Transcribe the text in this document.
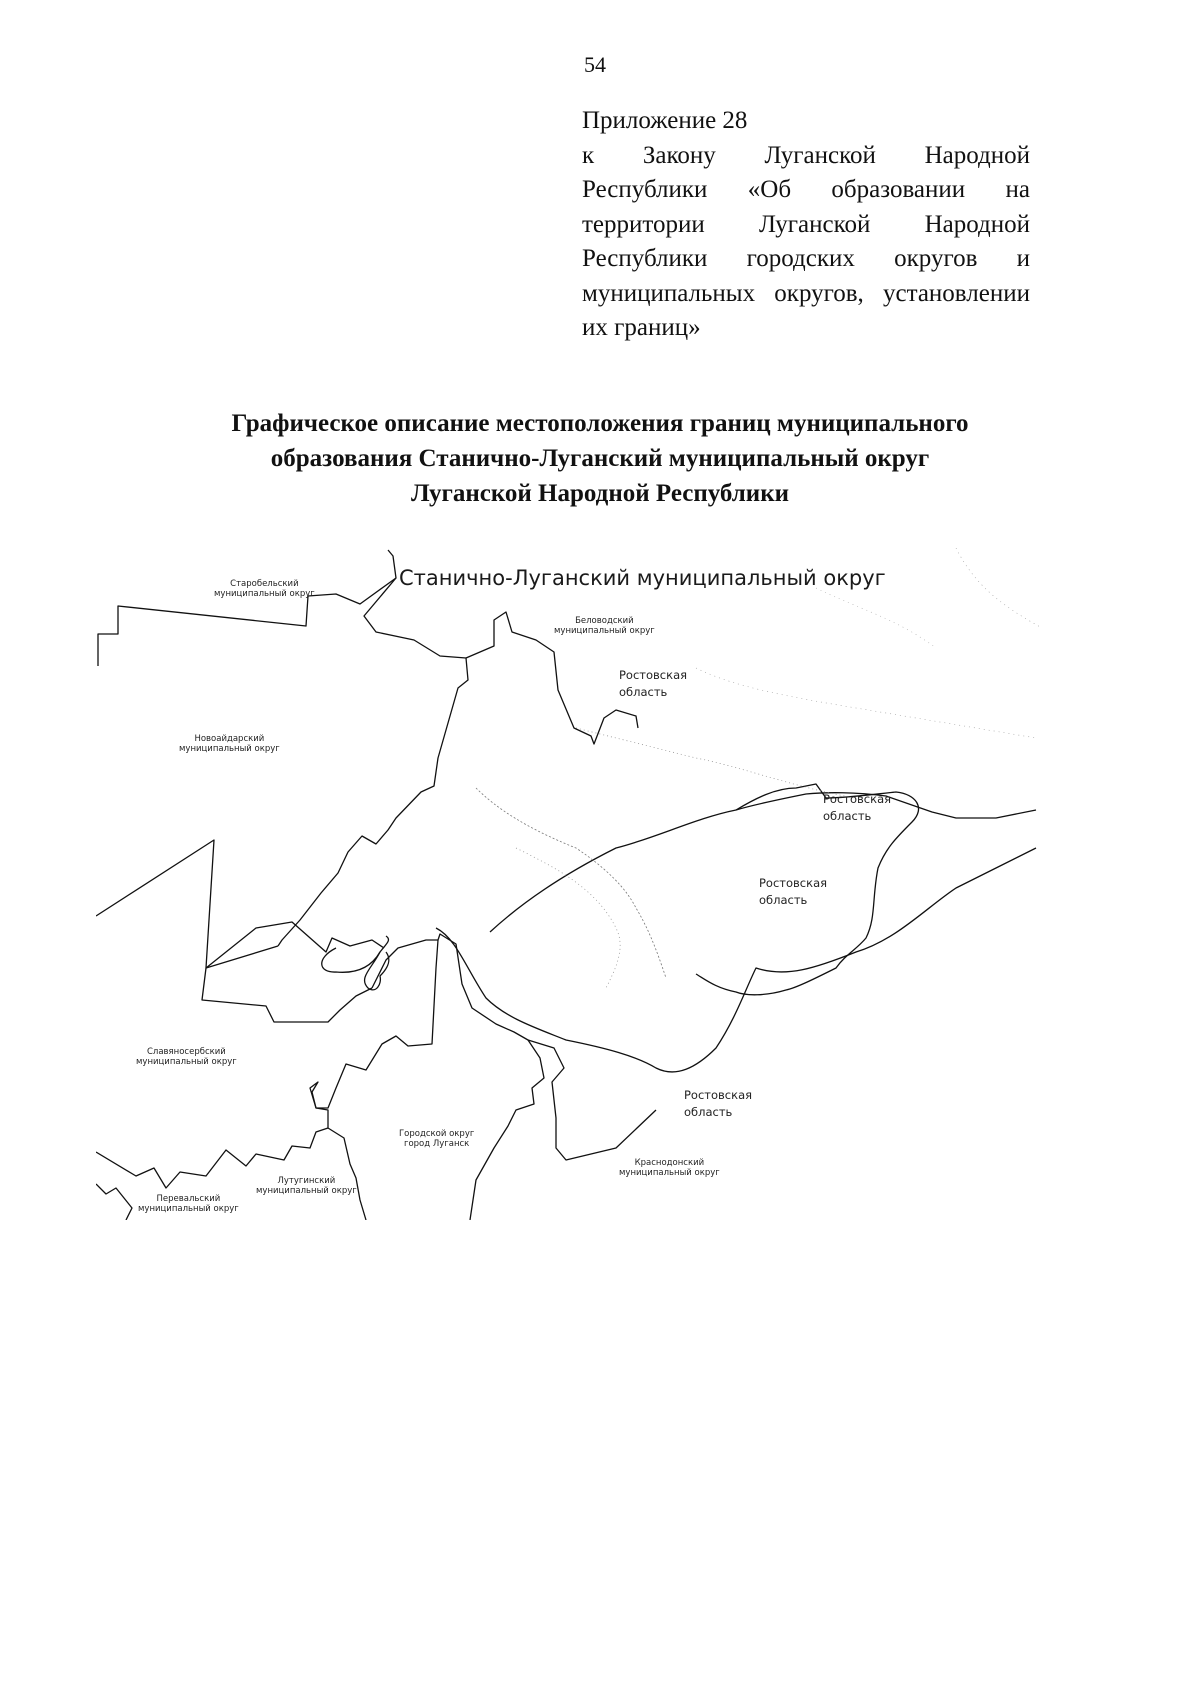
54
Приложение 28
к Закону Луганской Народной
Республики «Об образовании на
территории Луганской Народной
Республики городских округов и
муниципальных округов, установлении
их границ»
Графическое описание местоположения границ муниципального
образования Станично-Луганский муниципальный округ
Луганской Народной Республики
Станично-Луганский муниципальный округ
Старобельский
муниципальный округ
Беловодский
муниципальный округ
Ростовская
область
Новоайдарский
муниципальный округ
Ростовская
область
Ростовская
область
Славяносербский
муниципальный округ
Ростовская
область
Городской округ
город Луганск
Краснодонский
муниципальный округ
Лутугинский
муниципальный округ
Перевальский
муниципальный округ
